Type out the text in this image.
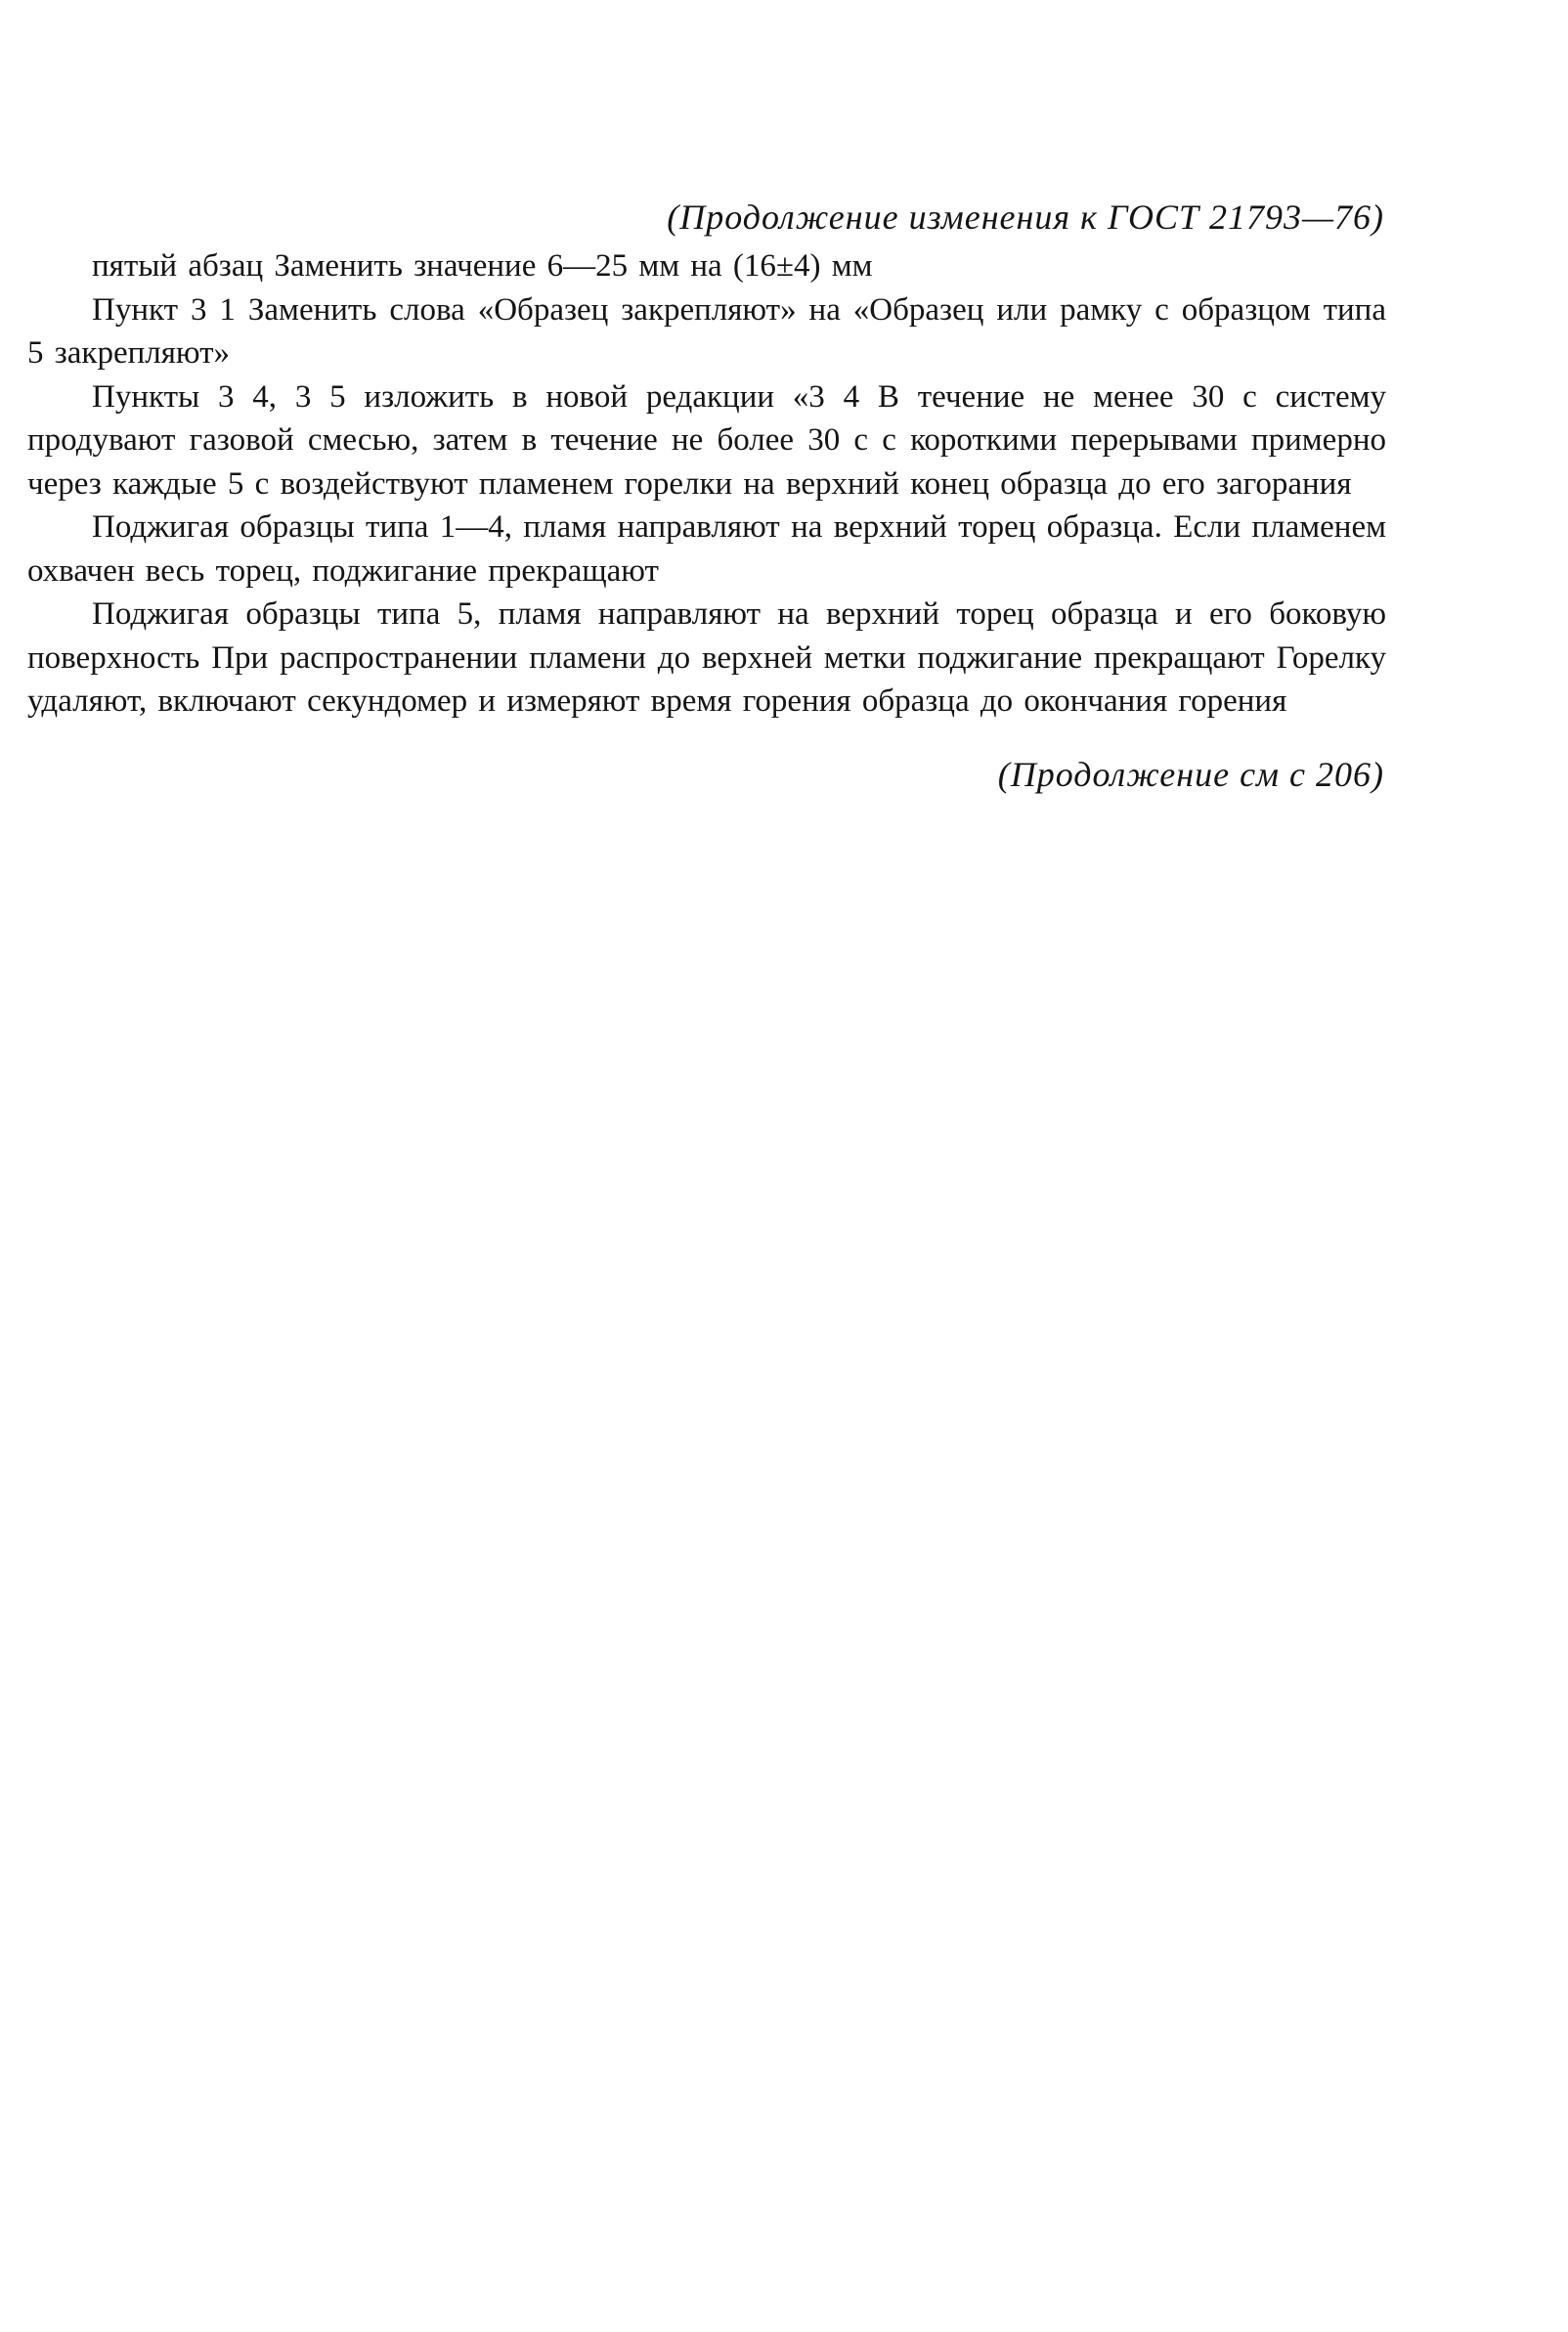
(Продолжение изменения к ГОСТ 21793—76)

пятый абзац Заменить значение 6—25 мм на (16±4) мм

Пункт 3 1 Заменить слова «Образец закрепляют» на «Образец или рамку с образцом типа 5 закрепляют»

Пункты 3 4, 3 5 изложить в новой редакции «3 4 В течение не менее 30 с систему продувают газовой смесью, затем в течение не более 30 с с короткими перерывами примерно через каждые 5 с воздействуют пламенем горелки на верхний конец образца до его загорания

Поджигая образцы типа 1—4, пламя направляют на верхний торец образца. Если пламенем охвачен весь торец, поджигание прекращают

Поджигая образцы типа 5, пламя направляют на верхний торец образца и его боковую поверхность При распространении пламени до верхней метки поджигание прекращают Горелку удаляют, включают секундомер и измеряют время горения образца до окончания горения

(Продолжение см с 206)
